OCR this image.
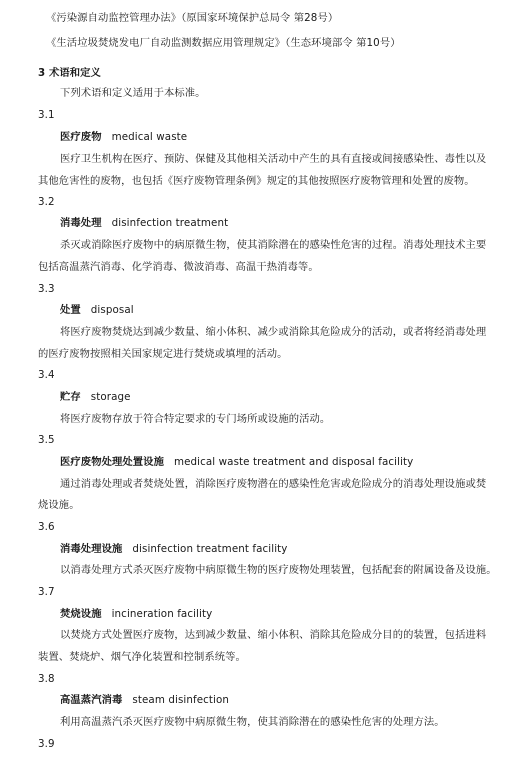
《污染源自动监控管理办法》（原国家环境保护总局令 第28号）
《生活垃圾焚烧发电厂自动监测数据应用管理规定》（生态环境部令 第10号）
3 术语和定义
下列术语和定义适用于本标准。
3.1
医疗废物 medical waste
医疗卫生机构在医疗、预防、保健及其他相关活动中产生的具有直接或间接感染性、毒性以及
其他危害性的废物，也包括《医疗废物管理条例》规定的其他按照医疗废物管理和处置的废物。
3.2
消毒处理 disinfection treatment
杀灭或消除医疗废物中的病原微生物，使其消除潜在的感染性危害的过程。消毒处理技术主要
包括高温蒸汽消毒、化学消毒、微波消毒、高温干热消毒等。
3.3
处置 disposal
将医疗废物焚烧达到减少数量、缩小体积、减少或消除其危险成分的活动，或者将经消毒处理
的医疗废物按照相关国家规定进行焚烧或填埋的活动。
3.4
贮存 storage
将医疗废物存放于符合特定要求的专门场所或设施的活动。
3.5
医疗废物处理处置设施 medical waste treatment and disposal facility
通过消毒处理或者焚烧处置，消除医疗废物潜在的感染性危害或危险成分的消毒处理设施或焚
烧设施。
3.6
消毒处理设施 disinfection treatment facility
以消毒处理方式杀灭医疗废物中病原微生物的医疗废物处理装置，包括配套的附属设备及设施。
3.7
焚烧设施 incineration facility
以焚烧方式处置医疗废物，达到减少数量、缩小体积、消除其危险成分目的的装置，包括进料
装置、焚烧炉、烟气净化装置和控制系统等。
3.8
高温蒸汽消毒 steam disinfection
利用高温蒸汽杀灭医疗废物中病原微生物，使其消除潜在的感染性危害的处理方法。
3.9
